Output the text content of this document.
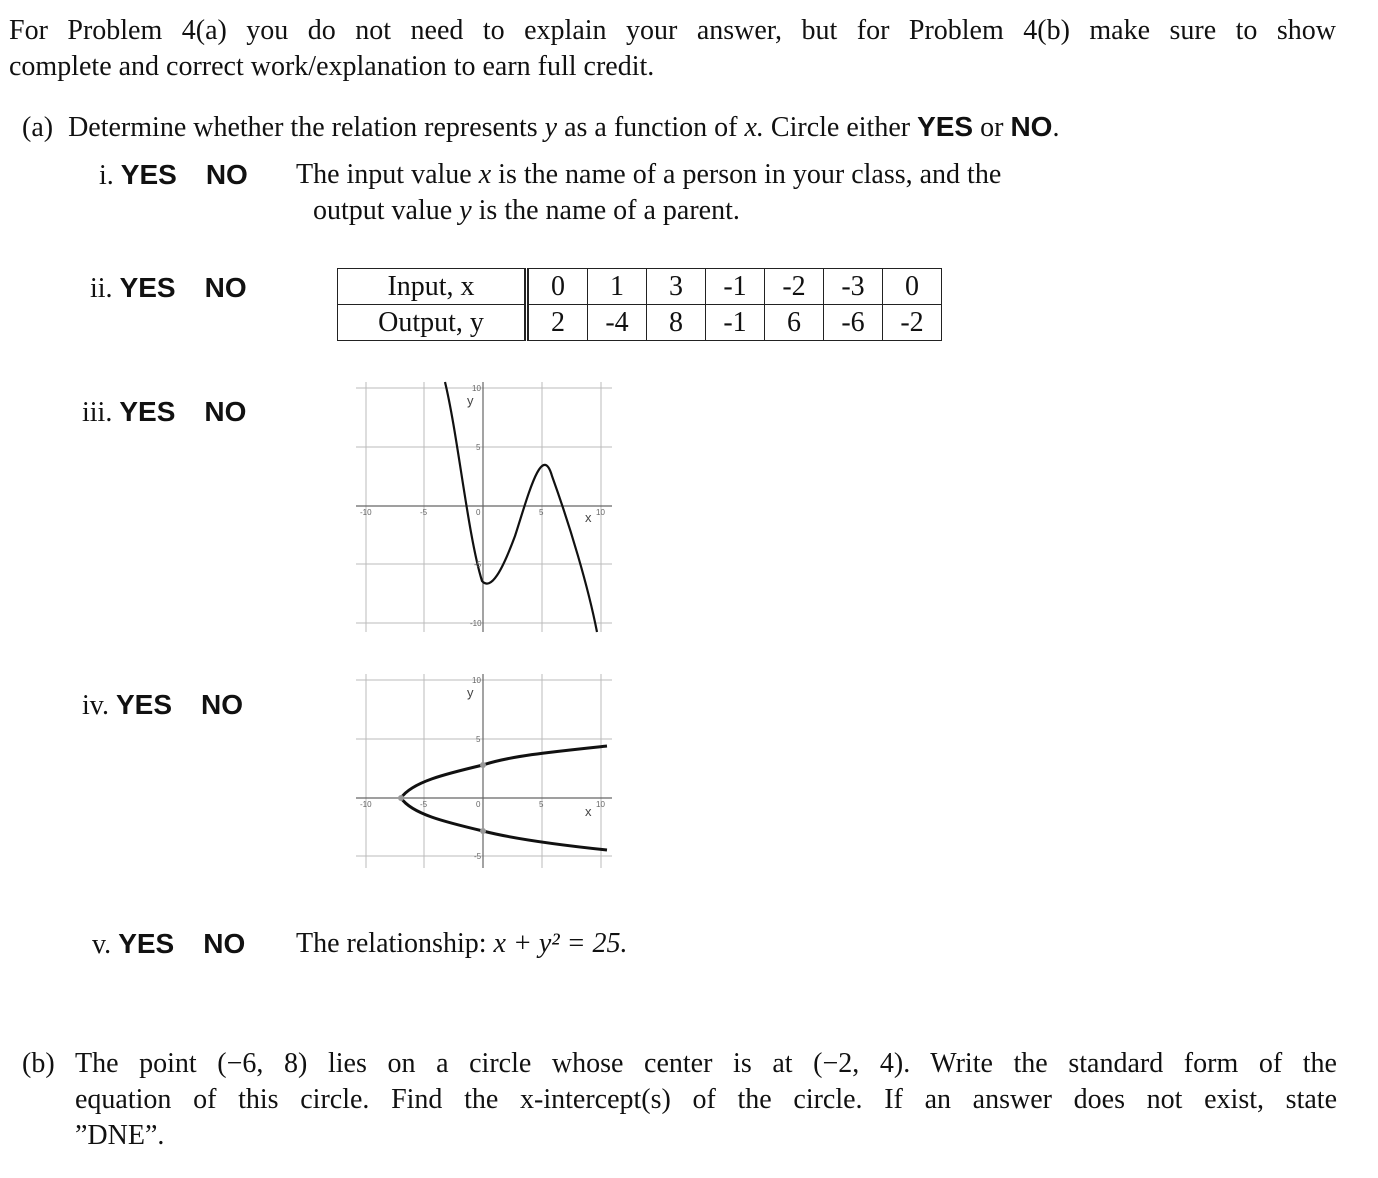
For Problem 4(a) you do not need to explain your answer, but for Problem 4(b) make sure to show
complete and correct work/explanation to earn full credit.
(a) Determine whether the relation represents y as a function of x. Circle either YES or NO.
i. YES NO The input value x is the name of a person in your class, and the
output value y is the name of a parent.
ii. YES NO	Input, x	0	1	3	-1	-2	-3	0
Output, y	2	-4	8	-1	6	-6	-2
iii. YES NO
-10	-5	0	5	10
10
5
-5
-10
y
x
iv. YES NO
-10	-5	0	5	10
10
5
-5
y
x
v. YES NO The relationship: x + y² = 25.
(b) The point (−6, 8) lies on a circle whose center is at (−2, 4). Write the standard form of the
equation of this circle. Find the x-intercept(s) of the circle. If an answer does not exist, state
”DNE”.
